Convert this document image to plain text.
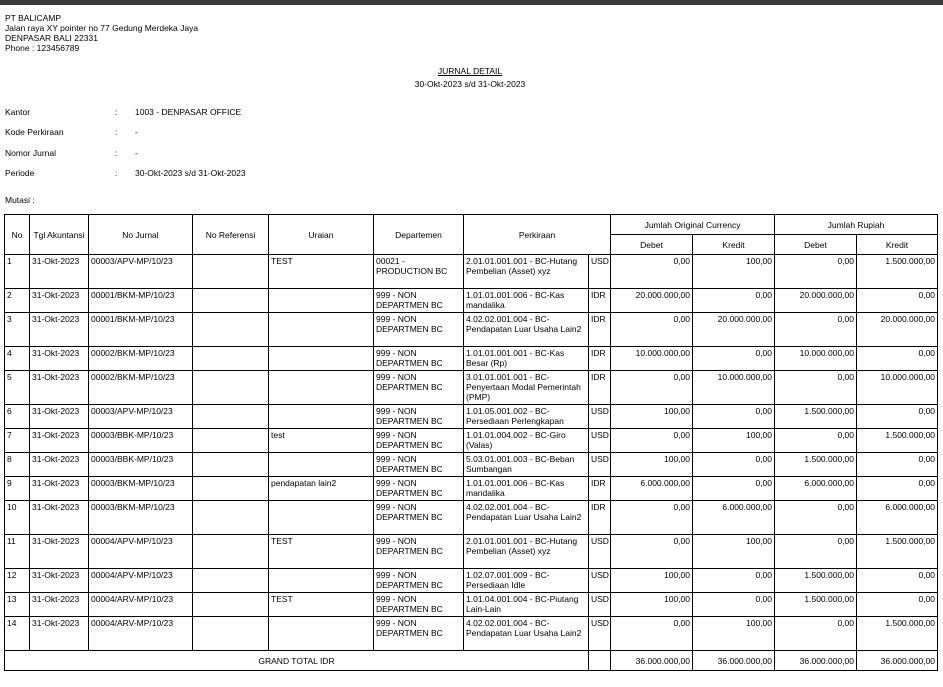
PT BALICAMP
Jalan raya XY pointer no 77 Gedung Merdeka Jaya
DENPASAR BALI 22331
Phone : 123456789
JURNAL DETAIL
30-Okt-2023 s/d 31-Okt-2023
Kantor	: 1003 - DENPASAR OFFICE
Kode Perkiraan	: -
Nomor Jurnal	: -
Periode	: 30-Okt-2023 s/d 31-Okt-2023
Mutasi :
No	Tgl Akuntansi	No Jurnal	No Referensi	Uraian	Departemen	Perkiraan		Jumlah Original Currency		Jumlah Rupiah	
								Debet	Kredit	Debet	Kredit
1	31-Okt-2023	00003/APV-MP/10/23		TEST	00021 - PRODUCTION BC	2.01.01.001.001 - BC-Hutang Pembelian (Asset) xyz	USD	0,00	100,00	0,00	1.500.000,00
2	31-Okt-2023	00001/BKM-MP/10/23			999 - NON DEPARTMEN BC	1.01.01.001.006 - BC-Kas mandalika	IDR	20.000.000,00	0,00	20.000.000,00	0,00
3	31-Okt-2023	00001/BKM-MP/10/23			999 - NON DEPARTMEN BC	4.02.02.001.004 - BC-Pendapatan Luar Usaha Lain2	IDR	0,00	20.000.000,00	0,00	20.000.000,00
4	31-Okt-2023	00002/BKM-MP/10/23			999 - NON DEPARTMEN BC	1.01.01.001.001 - BC-Kas Besar (Rp)	IDR	10.000.000,00	0,00	10.000.000,00	0,00
5	31-Okt-2023	00002/BKM-MP/10/23			999 - NON DEPARTMEN BC	3.01.01.001.001 - BC-Penyertaan Modal Pemerintah (PMP)	IDR	0,00	10.000.000,00	0,00	10.000.000,00
6	31-Okt-2023	00003/APV-MP/10/23			999 - NON DEPARTMEN BC	1.01.05.001.002 - BC-Persediaan Perlengkapan	USD	100,00	0,00	1.500.000,00	0,00
7	31-Okt-2023	00003/BBK-MP/10/23		test	999 - NON DEPARTMEN BC	1.01.01.004.002 - BC-Giro (Valas)	USD	0,00	100,00	0,00	1.500.000,00
8	31-Okt-2023	00003/BBK-MP/10/23			999 - NON DEPARTMEN BC	5.03.01.001.003 - BC-Beban Sumbangan	USD	100,00	0,00	1.500.000,00	0,00
9	31-Okt-2023	00003/BKM-MP/10/23		pendapatan lain2	999 - NON DEPARTMEN BC	1.01.01.001.006 - BC-Kas mandalika	IDR	6.000.000,00	0,00	6.000.000,00	0,00
10	31-Okt-2023	00003/BKM-MP/10/23			999 - NON DEPARTMEN BC	4.02.02.001.004 - BC-Pendapatan Luar Usaha Lain2	IDR	0,00	6.000.000,00	0,00	6.000.000,00
11	31-Okt-2023	00004/APV-MP/10/23		TEST	999 - NON DEPARTMEN BC	2.01.01.001.001 - BC-Hutang Pembelian (Asset) xyz	USD	0,00	100,00	0,00	1.500.000,00
12	31-Okt-2023	00004/APV-MP/10/23			999 - NON DEPARTMEN BC	1.02.07.001.009 - BC-Persediaan Idle	USD	100,00	0,00	1.500.000,00	0,00
13	31-Okt-2023	00004/ARV-MP/10/23		TEST	999 - NON DEPARTMEN BC	1.01.04.001.004 - BC-Piutang Lain-Lain	USD	100,00	0,00	1.500.000,00	0,00
14	31-Okt-2023	00004/ARV-MP/10/23			999 - NON DEPARTMEN BC	4.02.02.001.004 - BC-Pendapatan Luar Usaha Lain2	USD	0,00	100,00	0,00	1.500.000,00
GRAND TOTAL IDR								36.000.000,00	36.000.000,00	36.000.000,00	36.000.000,00
